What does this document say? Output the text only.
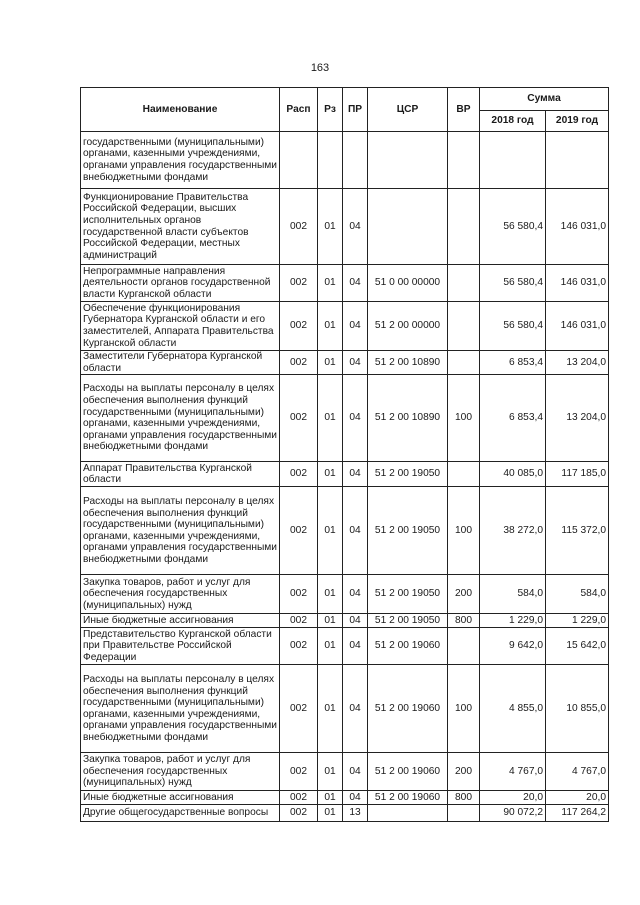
163
Наименование	Расп	Рз	ПР	ЦСР	ВР	Сумма	
						2018 год	2019 год
государственными (муниципальными) органами, казенными учреждениями, органами управления государственными внебюджетными фондами							
Функционирование Правительства Российской Федерации, высших исполнительных органов государственной власти субъектов Российской Федерации, местных администраций	002	01	04			56 580,4	146 031,0
Непрограммные направления деятельности органов государственной власти Курганской области	002	01	04	51 0 00 00000		56 580,4	146 031,0
Обеспечение функционирования Губернатора Курганской области и его заместителей, Аппарата Правительства Курганской области	002	01	04	51 2 00 00000		56 580,4	146 031,0
Заместители Губернатора Курганской области	002	01	04	51 2 00 10890		6 853,4	13 204,0
Расходы на выплаты персоналу в целях обеспечения выполнения функций государственными (муниципальными) органами, казенными учреждениями, органами управления государственными внебюджетными фондами	002	01	04	51 2 00 10890	100	6 853,4	13 204,0
Аппарат Правительства Курганской области	002	01	04	51 2 00 19050		40 085,0	117 185,0
Расходы на выплаты персоналу в целях обеспечения выполнения функций государственными (муниципальными) органами, казенными учреждениями, органами управления государственными внебюджетными фондами	002	01	04	51 2 00 19050	100	38 272,0	115 372,0
Закупка товаров, работ и услуг для обеспечения государственных (муниципальных) нужд	002	01	04	51 2 00 19050	200	584,0	584,0
Иные бюджетные ассигнования	002	01	04	51 2 00 19050	800	1 229,0	1 229,0
Представительство Курганской области при Правительстве Российской Федерации	002	01	04	51 2 00 19060		9 642,0	15 642,0
Расходы на выплаты персоналу в целях обеспечения выполнения функций государственными (муниципальными) органами, казенными учреждениями, органами управления государственными внебюджетными фондами	002	01	04	51 2 00 19060	100	4 855,0	10 855,0
Закупка товаров, работ и услуг для обеспечения государственных (муниципальных) нужд	002	01	04	51 2 00 19060	200	4 767,0	4 767,0
Иные бюджетные ассигнования	002	01	04	51 2 00 19060	800	20,0	20,0
Другие общегосударственные вопросы	002	01	13			90 072,2	117 264,2
